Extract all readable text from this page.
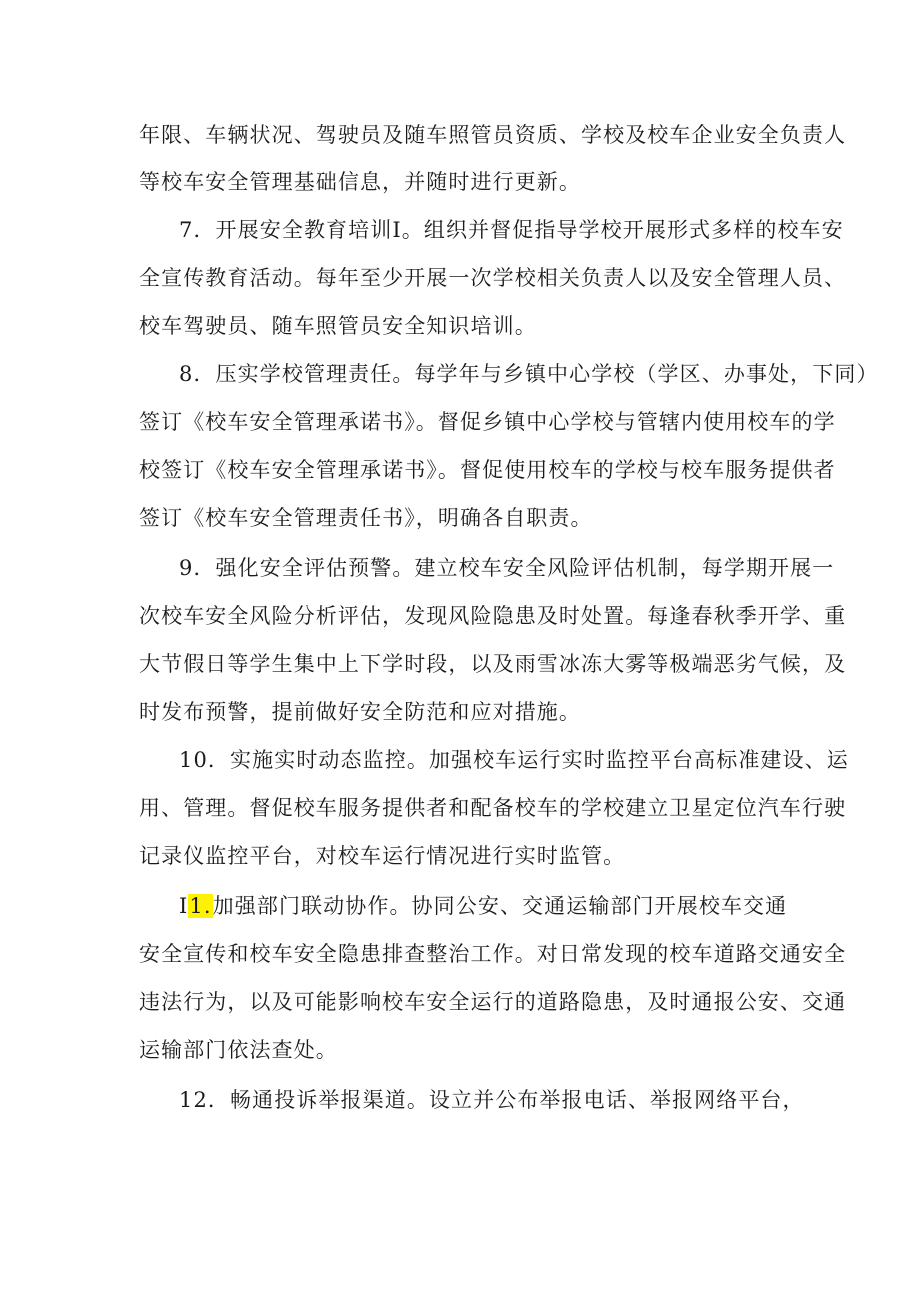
年限、车辆状况、驾驶员及随车照管员资质、学校及校车企业安全负责人
等校车安全管理基础信息，并随时进行更新。
7．开展安全教育培训I。组织并督促指导学校开展形式多样的校车安
全宣传教育活动。每年至少开展一次学校相关负责人以及安全管理人员、
校车驾驶员、随车照管员安全知识培训。
8．压实学校管理责任。每学年与乡镇中心学校（学区、办事处，下同）
签订《校车安全管理承诺书》。督促乡镇中心学校与管辖内使用校车的学
校签订《校车安全管理承诺书》。督促使用校车的学校与校车服务提供者
签订《校车安全管理责任书》，明确各自职责。
9．强化安全评估预警。建立校车安全风险评估机制，每学期开展一
次校车安全风险分析评估，发现风险隐患及时处置。每逢春秋季开学、重
大节假日等学生集中上下学时段，以及雨雪冰冻大雾等极端恶劣气候，及
时发布预警，提前做好安全防范和应对措施。
10．实施实时动态监控。加强校车运行实时监控平台高标准建设、运
用、管理。督促校车服务提供者和配备校车的学校建立卫星定位汽车行驶
记录仪监控平台，对校车运行情况进行实时监管。
I1.加强部门联动协作。协同公安、交通运输部门开展校车交通
安全宣传和校车安全隐患排查整治工作。对日常发现的校车道路交通安全
违法行为，以及可能影响校车安全运行的道路隐患，及时通报公安、交通
运输部门依法查处。
12．畅通投诉举报渠道。设立并公布举报电话、举报网络平台，
